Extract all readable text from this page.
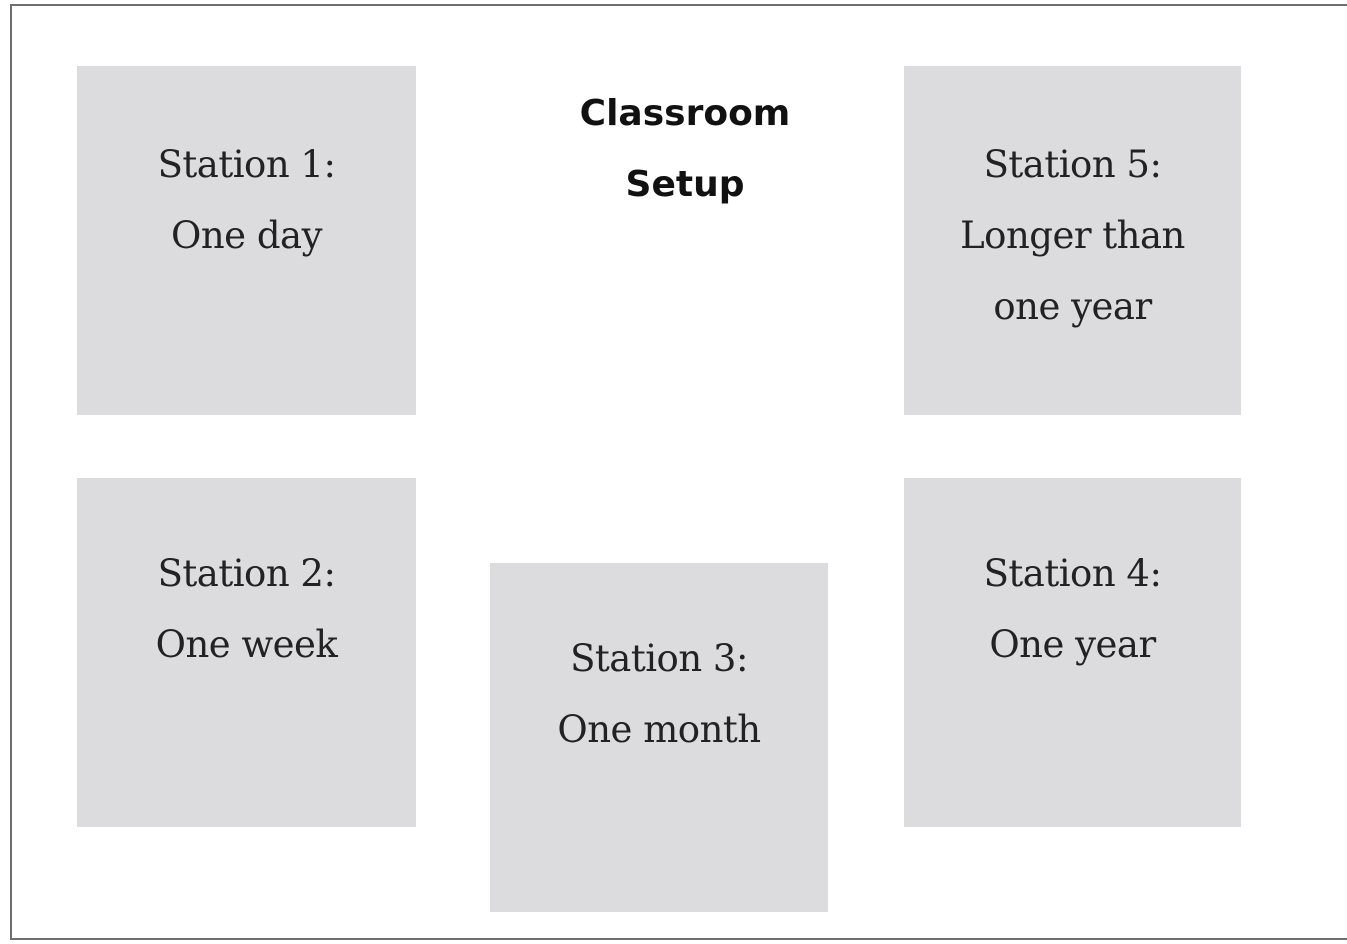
Classroom
Setup
Station 1:
One day
Station 5:
Longer than
one year
Station 2:
One week	Station 3:
One month
Station 4:
One year
